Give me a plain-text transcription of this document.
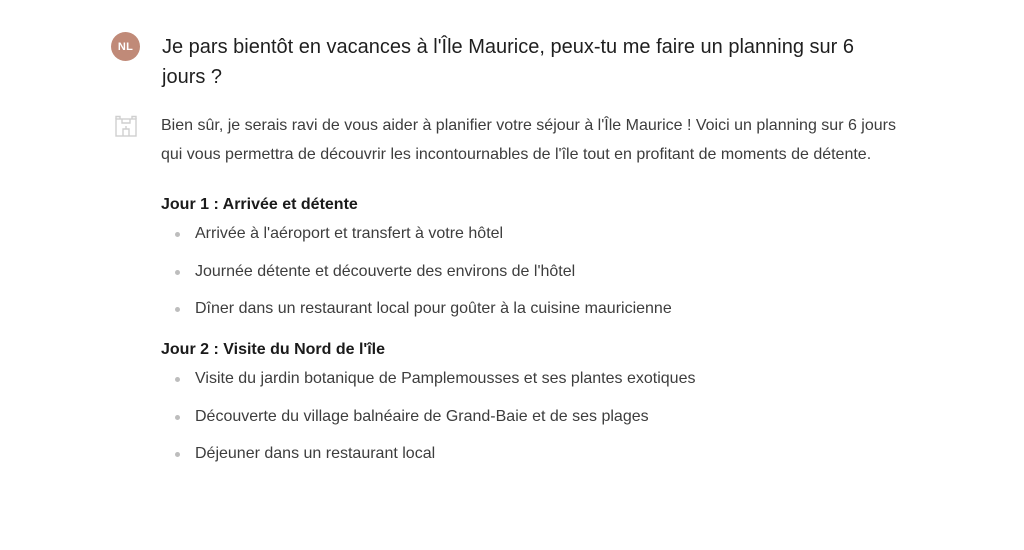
NL Je pars bientôt en vacances à l'Île Maurice, peux-tu me faire un planning sur 6 jours ?

Bien sûr, je serais ravi de vous aider à planifier votre séjour à l'Île Maurice ! Voici un planning sur 6 jours qui vous permettra de découvrir les incontournables de l'île tout en profitant de moments de détente.

Jour 1 : Arrivée et détente

Arrivée à l'aéroport et transfert à votre hôtel
Journée détente et découverte des environs de l'hôtel
Dîner dans un restaurant local pour goûter à la cuisine mauricienne

Jour 2 : Visite du Nord de l'île

Visite du jardin botanique de Pamplemousses et ses plantes exotiques
Découverte du village balnéaire de Grand-Baie et de ses plages
Déjeuner dans un restaurant local
